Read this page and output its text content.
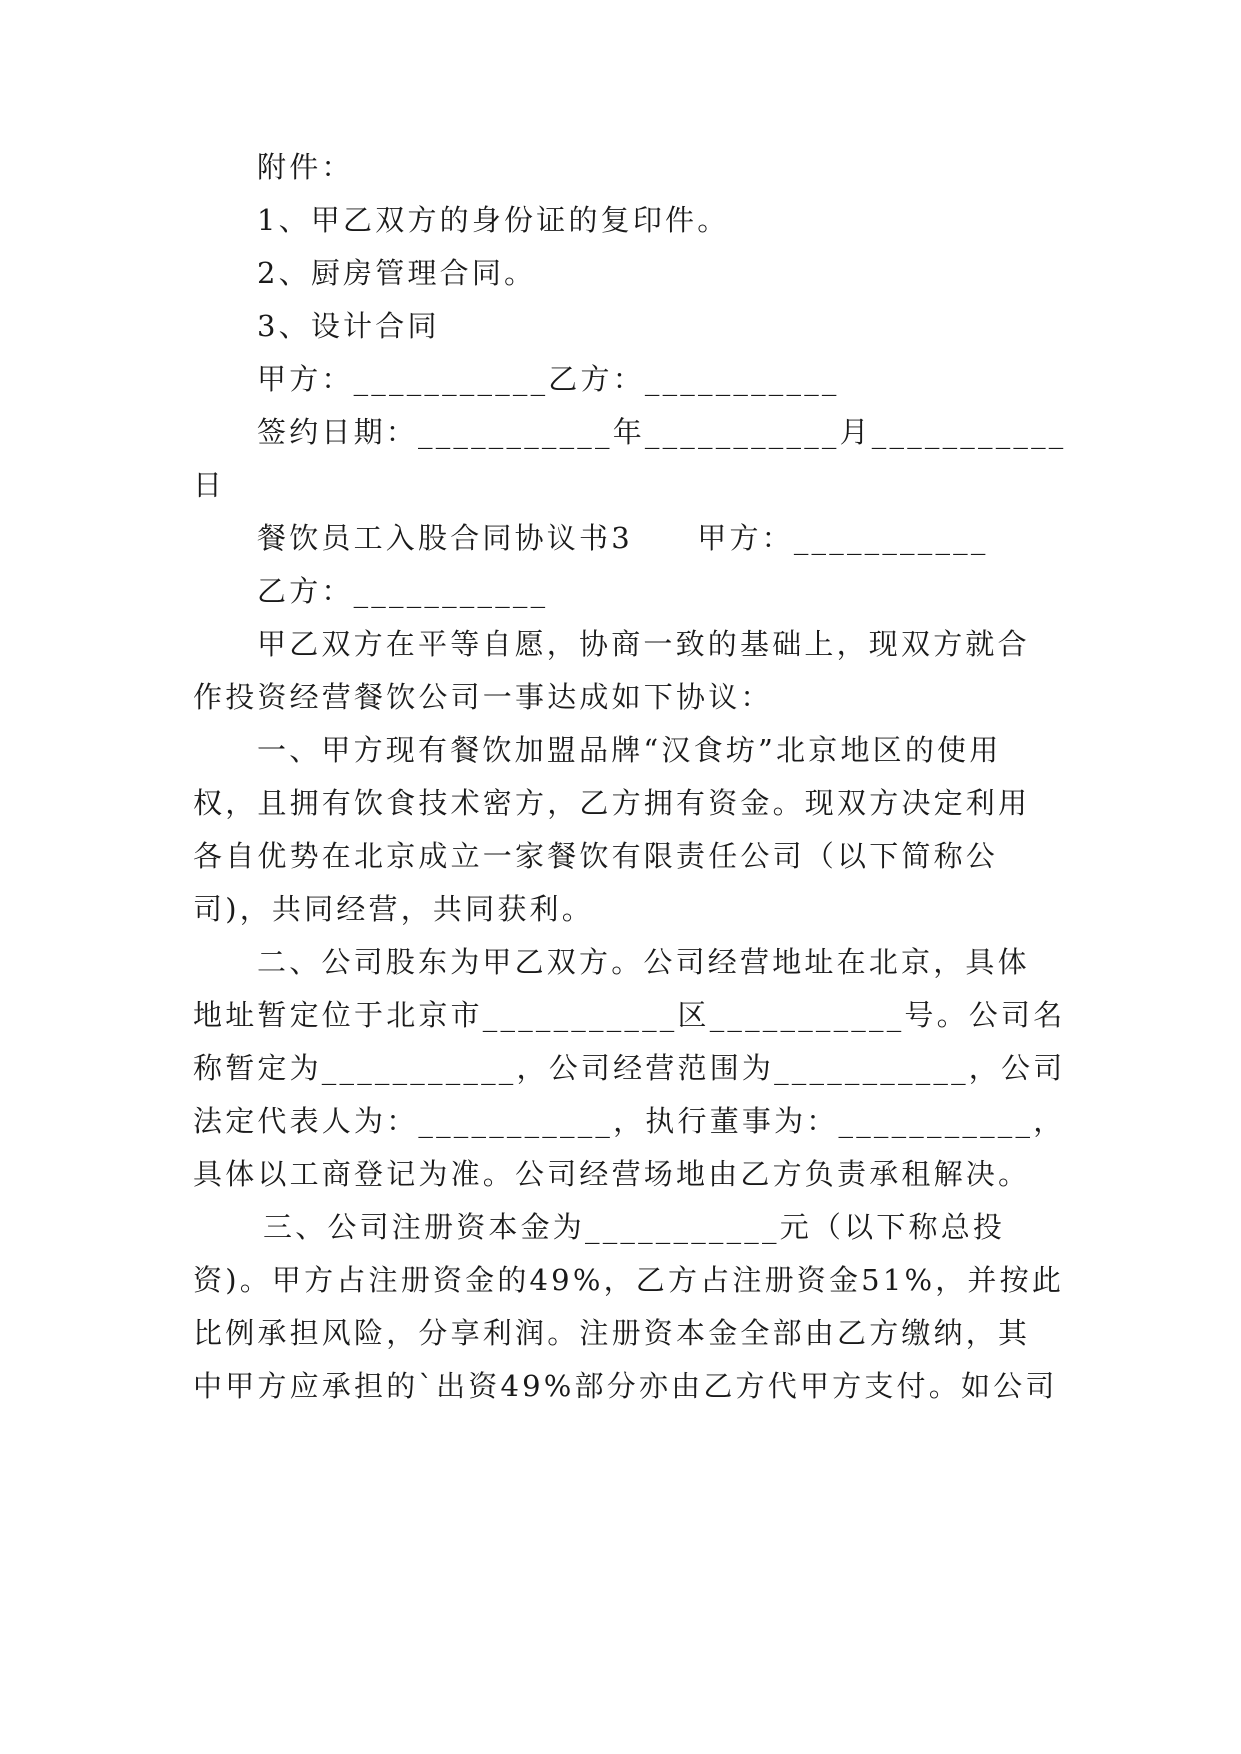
附件：
1、甲乙双方的身份证的复印件。
2、厨房管理合同。
3、设计合同
甲方：___________乙方：___________
签约日期：___________年___________月___________
日
餐饮员工入股合同协议书3　　甲方：___________
乙方：___________
甲乙双方在平等自愿，协商一致的基础上，现双方就合
作投资经营餐饮公司一事达成如下协议：
一、甲方现有餐饮加盟品牌“汉食坊”北京地区的使用
权，且拥有饮食技术密方，乙方拥有资金。现双方决定利用
各自优势在北京成立一家餐饮有限责任公司（以下简称公
司)，共同经营，共同获利。
二、公司股东为甲乙双方。公司经营地址在北京，具体
地址暂定位于北京市___________区___________号。公司名
称暂定为___________，公司经营范围为___________，公司
法定代表人为：___________，执行董事为：___________，
具体以工商登记为准。公司经营场地由乙方负责承租解决。
三、公司注册资本金为___________元（以下称总投
资)。甲方占注册资金的49%，乙方占注册资金51%，并按此
比例承担风险，分享利润。注册资本金全部由乙方缴纳，其
中甲方应承担的`出资49%部分亦由乙方代甲方支付。如公司
